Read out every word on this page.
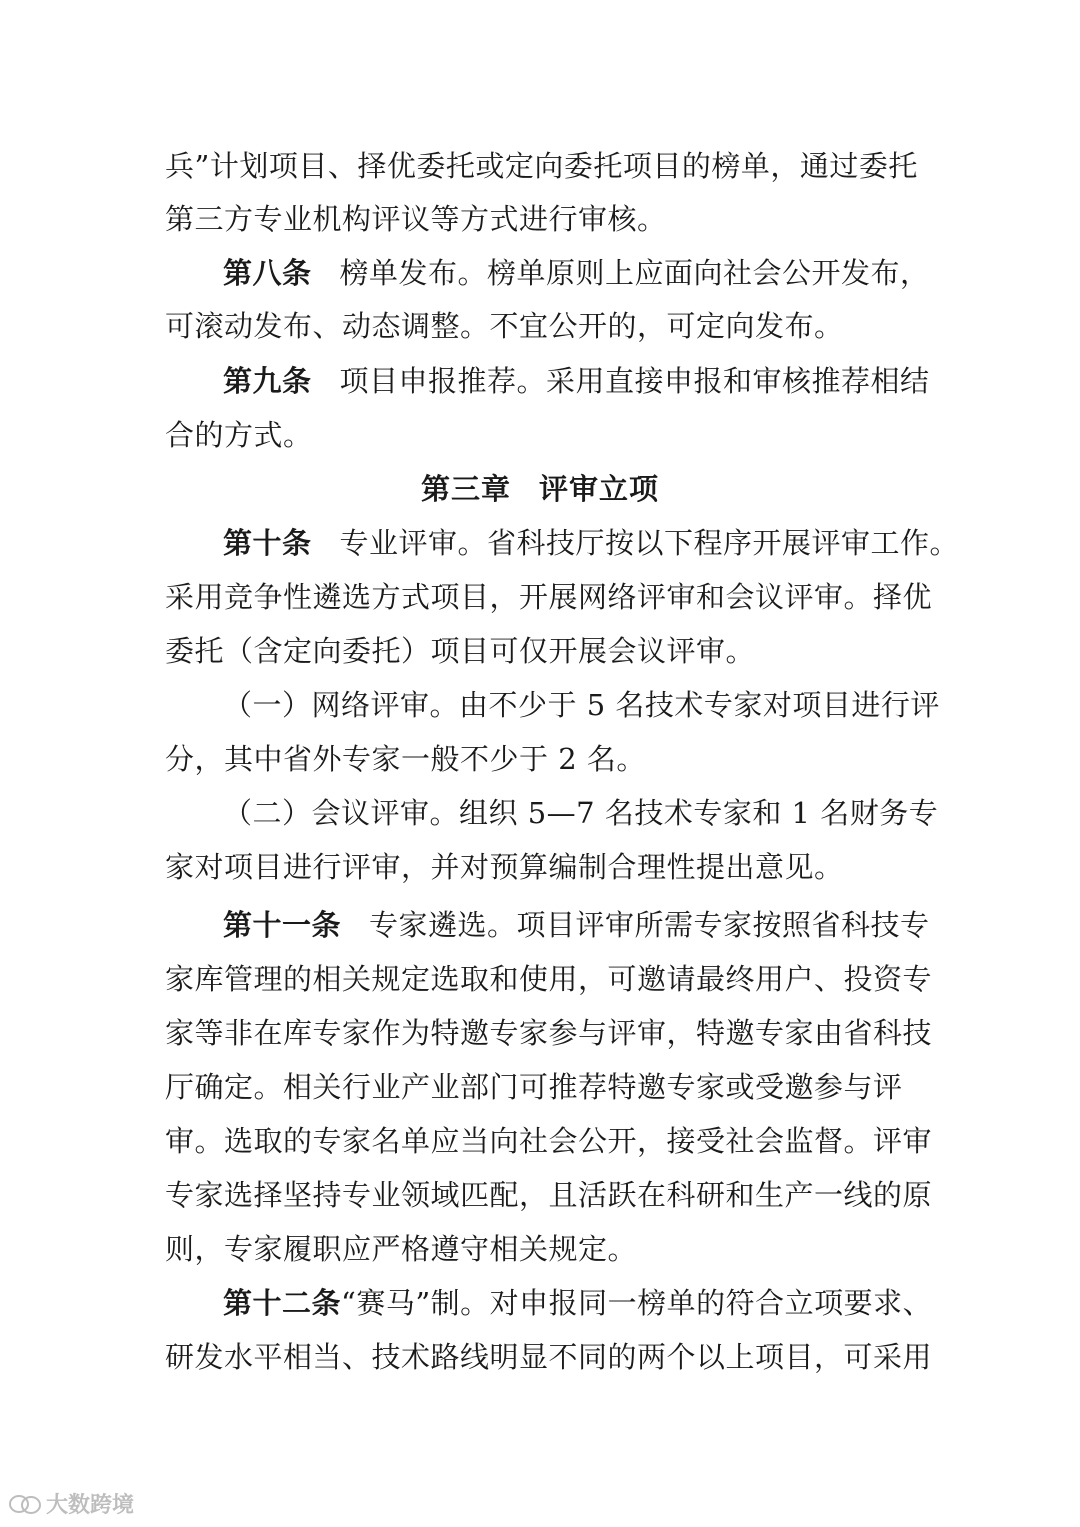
兵”计划项目、择优委托或定向委托项目的榜单，通过委托
第三方专业机构评议等方式进行审核。
第八条 榜单发布。榜单原则上应面向社会公开发布，
可滚动发布、动态调整。不宜公开的，可定向发布。
第九条 项目申报推荐。采用直接申报和审核推荐相结
合的方式。
第三章 评审立项
第十条 专业评审。省科技厅按以下程序开展评审工作。
采用竞争性遴选方式项目，开展网络评审和会议评审。择优
委托（含定向委托）项目可仅开展会议评审。
（一）网络评审。由不少于 5 名技术专家对项目进行评
分，其中省外专家一般不少于 2 名。
（二）会议评审。组织 5—7 名技术专家和 1 名财务专
家对项目进行评审，并对预算编制合理性提出意见。
第十一条 专家遴选。项目评审所需专家按照省科技专
家库管理的相关规定选取和使用，可邀请最终用户、投资专
家等非在库专家作为特邀专家参与评审，特邀专家由省科技
厅确定。相关行业产业部门可推荐特邀专家或受邀参与评
审。选取的专家名单应当向社会公开，接受社会监督。评审
专家选择坚持专业领域匹配，且活跃在科研和生产一线的原
则，专家履职应严格遵守相关规定。
第十二条“赛马”制。对申报同一榜单的符合立项要求、
研发水平相当、技术路线明显不同的两个以上项目，可采用
大数跨境
